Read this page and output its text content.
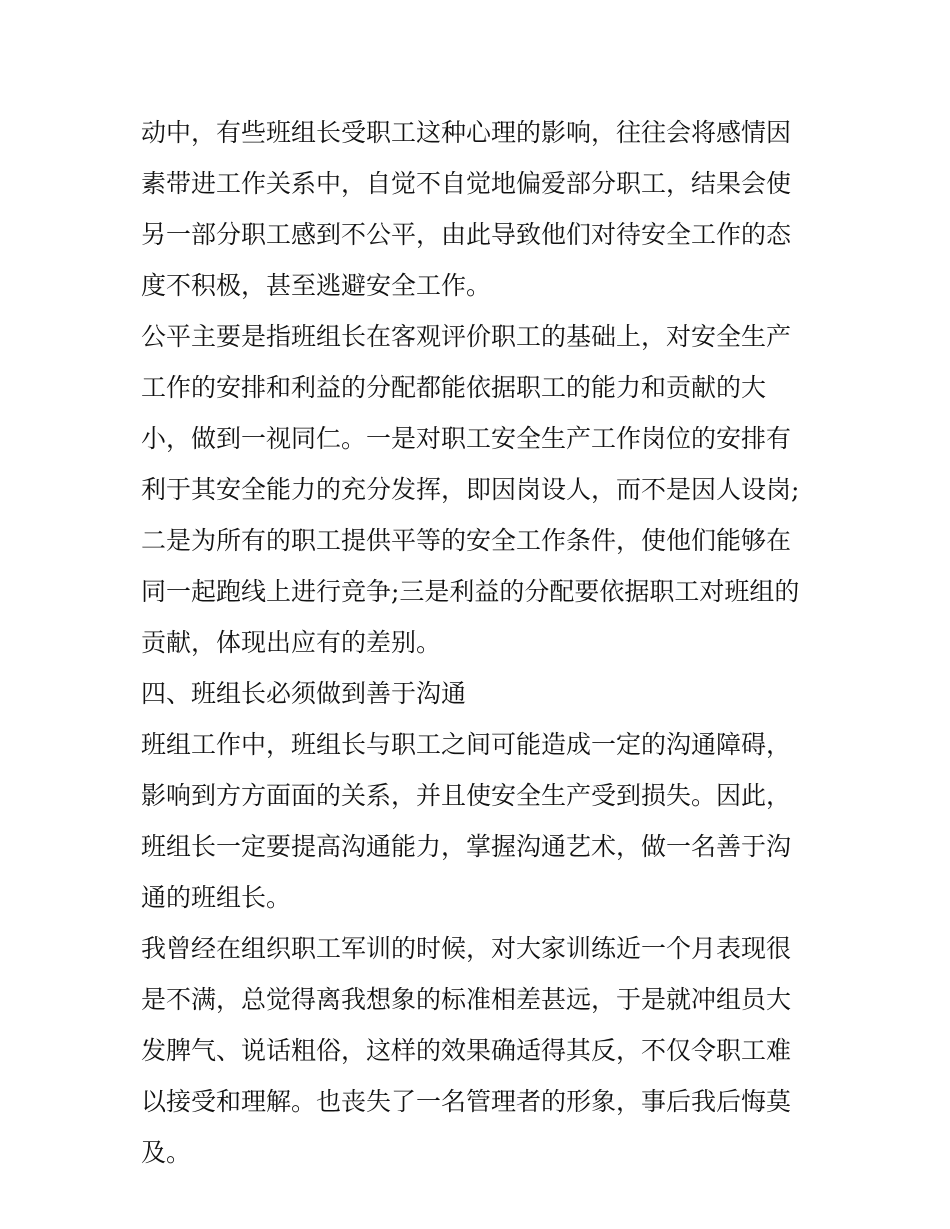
动中，有些班组长受职工这种心理的影响，往往会将感情因素带进工作关系中，自觉不自觉地偏爱部分职工，结果会使另一部分职工感到不公平，由此导致他们对待安全工作的态度不积极，甚至逃避安全工作。

公平主要是指班组长在客观评价职工的基础上，对安全生产工作的安排和利益的分配都能依据职工的能力和贡献的大小，做到一视同仁。一是对职工安全生产工作岗位的安排有利于其安全能力的充分发挥，即因岗设人，而不是因人设岗;二是为所有的职工提供平等的安全工作条件，使他们能够在同一起跑线上进行竞争;三是利益的分配要依据职工对班组的贡献，体现出应有的差别。

四、班组长必须做到善于沟通

班组工作中，班组长与职工之间可能造成一定的沟通障碍，影响到方方面面的关系，并且使安全生产受到损失。因此，班组长一定要提高沟通能力，掌握沟通艺术，做一名善于沟通的班组长。

我曾经在组织职工军训的时候，对大家训练近一个月表现很是不满，总觉得离我想象的标准相差甚远，于是就冲组员大发脾气、说话粗俗，这样的效果确适得其反，不仅令职工难以接受和理解。也丧失了一名管理者的形象，事后我后悔莫及。
